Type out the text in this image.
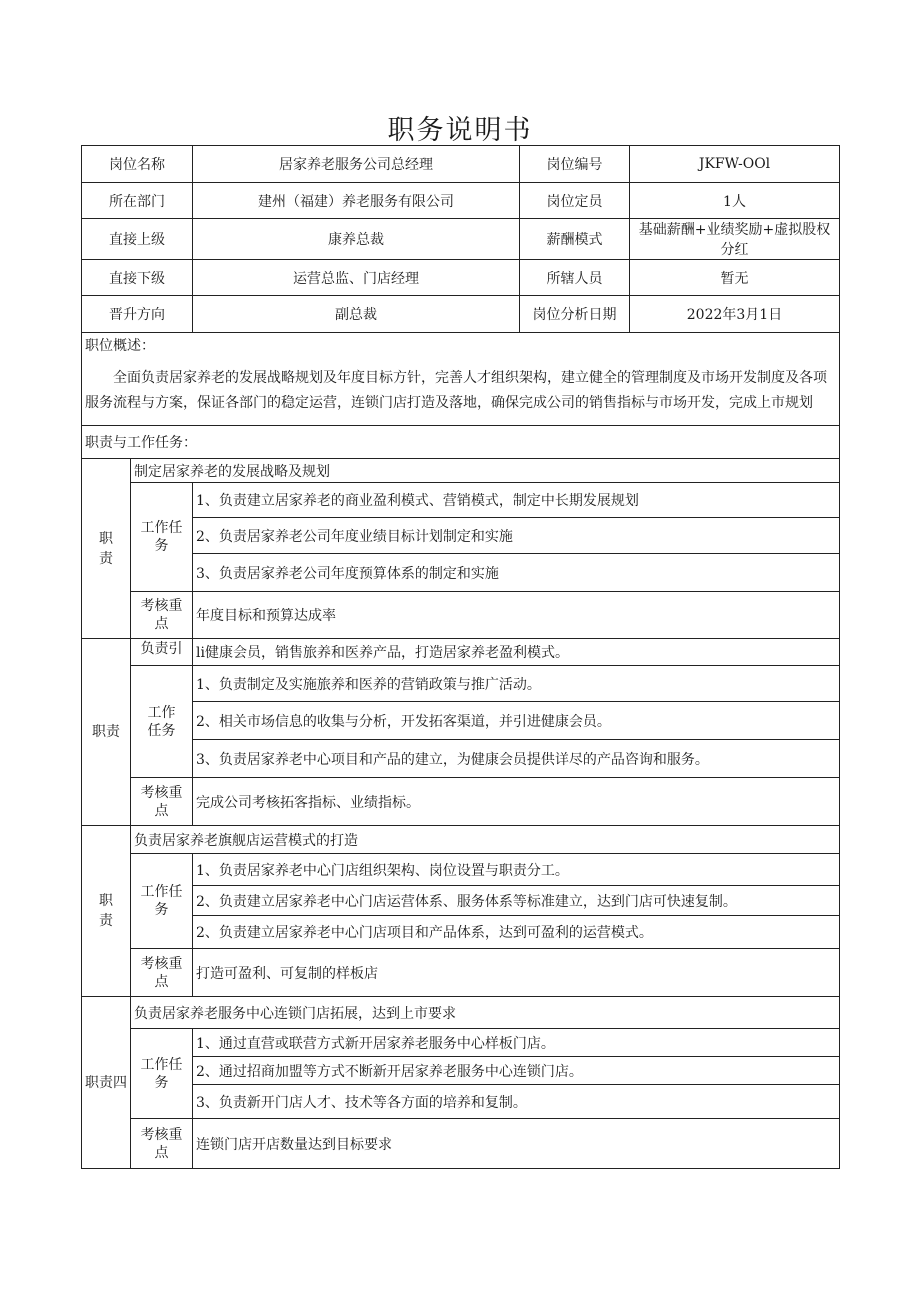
职务说明书
岗位名称		居家养老服务公司总经理	岗位编号	JKFW-OOl
所在部门		建州（福建）养老服务有限公司	岗位定员	1人
直接上级		康养总裁	薪酬模式	基础薪酬+业绩奖励+虚拟股权分红
直接下级		运营总监、门店经理	所辖人员	暂无
晋升方向		副总裁	岗位分析日期	2022年3月1日
职位概述：				
全面负责居家养老的发展战略规划及年度目标方针，完善人才组织架构，建立健全的管理制度及市场开发制度及各项服务流程与方案，保证各部门的稳定运营，连锁门店打造及落地，确保完成公司的销售指标与市场开发，完成上市规划				
职责与工作任务：				
职责	制定居家养老的发展战略及规划			
	工作任务	1、负责建立居家养老的商业盈利模式、营销模式，制定中长期发展规划		
		2、负责居家养老公司年度业绩目标计划制定和实施		
		3、负责居家养老公司年度预算体系的制定和实施		
	考核重点	年度目标和预算达成率		
职责	负责引	li健康会员，销售旅养和医养产品，打造居家养老盈利模式。		
	工作任务	1、负责制定及实施旅养和医养的营销政策与推广活动。		
		2、相关市场信息的收集与分析，开发拓客渠道，并引进健康会员。		
		3、负责居家养老中心项目和产品的建立，为健康会员提供详尽的产品咨询和服务。		
	考核重点	完成公司考核拓客指标、业绩指标。		
职责	负责居家养老旗舰店运营模式的打造			
	工作任务	1、负责居家养老中心门店组织架构、岗位设置与职责分工。		
		2、负责建立居家养老中心门店运营体系、服务体系等标准建立，达到门店可快速复制。		
		2、负责建立居家养老中心门店项目和产品体系，达到可盈利的运营模式。		
	考核重点	打造可盈利、可复制的样板店		
职责四	负责居家养老服务中心连锁门店拓展，达到上市要求			
	工作任务	1、通过直营或联营方式新开居家养老服务中心样板门店。		
		2、通过招商加盟等方式不断新开居家养老服务中心连锁门店。		
		3、负责新开门店人才、技术等各方面的培养和复制。		
	考核重点	连锁门店开店数量达到目标要求		
